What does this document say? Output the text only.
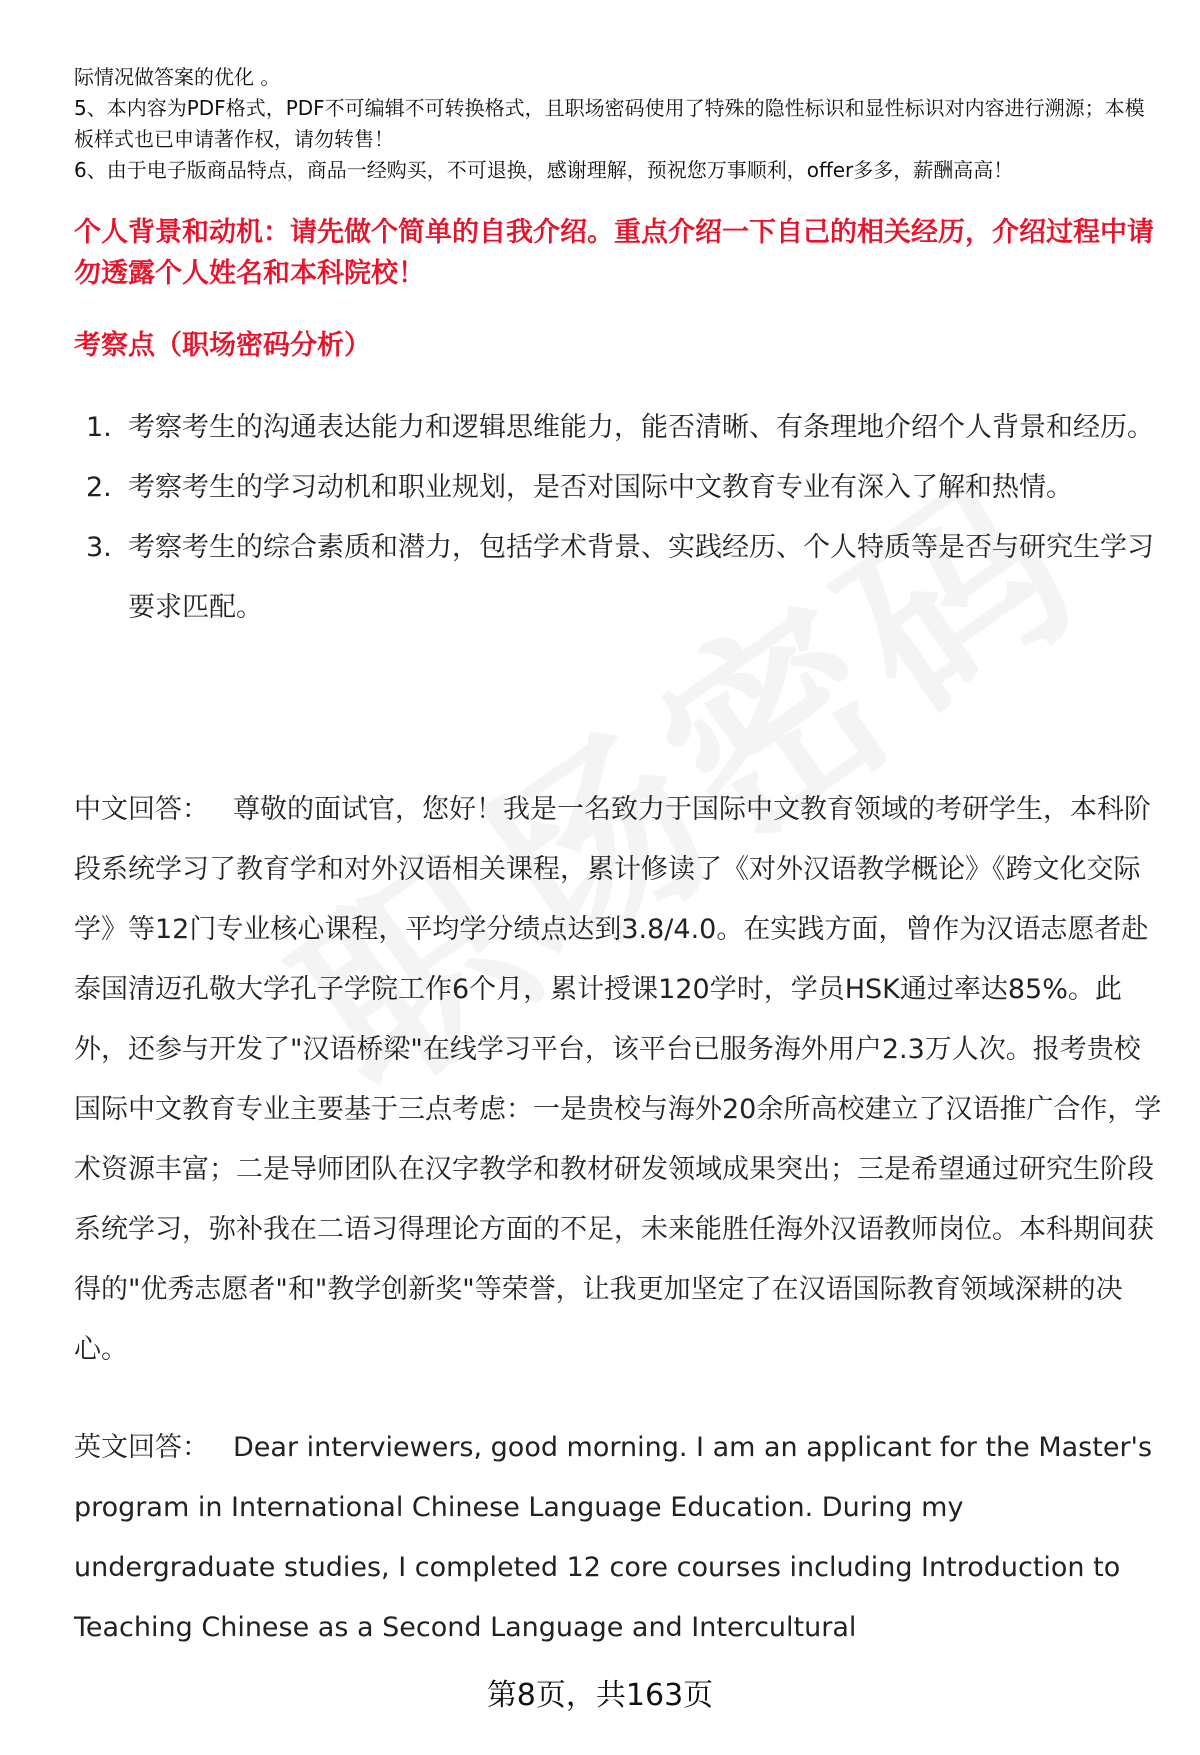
际情况做答案的优化 。

5、本内容为PDF格式，PDF不可编辑不可转换格式，且职场密码使用了特殊的隐性标识和显性标识对内容进行溯源；本模板样式也已申请著作权，请勿转售！

6、由于电子版商品特点，商品一经购买，不可退换，感谢理解，预祝您万事顺利，offer多多，薪酬高高！

个人背景和动机：请先做个简单的自我介绍。重点介绍一下自己的相关经历，介绍过程中请勿透露个人姓名和本科院校！

考察点（职场密码分析）

1. 考察考生的沟通表达能力和逻辑思维能力，能否清晰、有条理地介绍个人背景和经历。
2. 考察考生的学习动机和职业规划，是否对国际中文教育专业有深入了解和热情。
3. 考察考生的综合素质和潜力，包括学术背景、实践经历、个人特质等是否与研究生学习要求匹配。

中文回答： 尊敬的面试官，您好！我是一名致力于国际中文教育领域的考研学生，本科阶段系统学习了教育学和对外汉语相关课程，累计修读了《对外汉语教学概论》《跨文化交际学》等12门专业核心课程，平均学分绩点达到3.8/4.0。在实践方面，曾作为汉语志愿者赴泰国清迈孔敬大学孔子学院工作6个月，累计授课120学时，学员HSK通过率达85%。此外，还参与开发了"汉语桥梁"在线学习平台，该平台已服务海外用户2.3万人次。报考贵校国际中文教育专业主要基于三点考虑：一是贵校与海外20余所高校建立了汉语推广合作，学术资源丰富；二是导师团队在汉字教学和教材研发领域成果突出；三是希望通过研究生阶段系统学习，弥补我在二语习得理论方面的不足，未来能胜任海外汉语教师岗位。本科期间获得的"优秀志愿者"和"教学创新奖"等荣誉，让我更加坚定了在汉语国际教育领域深耕的决心。

英文回答： Dear interviewers, good morning. I am an applicant for the Master's program in International Chinese Language Education. During my undergraduate studies, I completed 12 core courses including Introduction to Teaching Chinese as a Second Language and Intercultural

第8页，共163页
